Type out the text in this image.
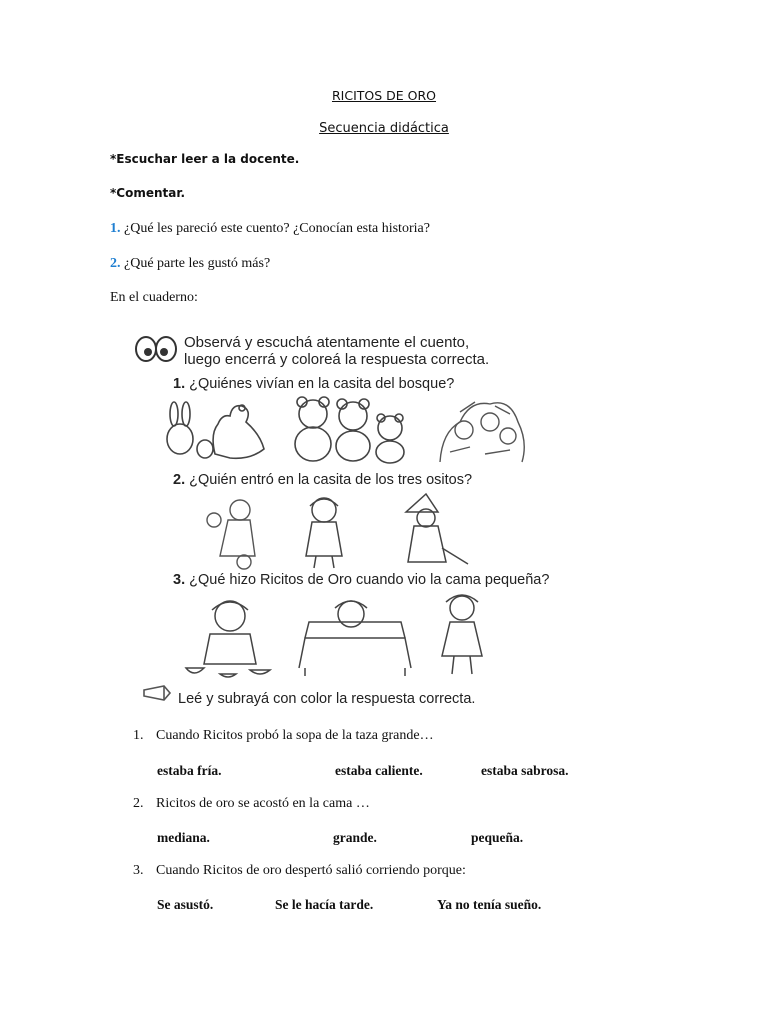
RICITOS DE ORO
Secuencia didáctica
*Escuchar leer a la docente.
*Comentar.
1. ¿Qué les pareció este cuento? ¿Conocían esta historia?
2. ¿Qué parte les gustó más?
En el cuaderno:
Observá y escuchá atentamente el cuento,
luego encerrá y coloreá la respuesta correcta.
1. ¿Quiénes vivían en la casita del bosque?
2. ¿Quién entró en la casita de los tres ositos?
3. ¿Qué hizo Ricitos de Oro cuando vio la cama pequeña?
Leé y subrayá con color la respuesta correcta.
1. Cuando Ricitos probó la sopa de la taza grande…
estaba fría.	estaba caliente.	estaba sabrosa.
2. Ricitos de oro se acostó en la cama …
mediana.	grande.	pequeña.
3. Cuando Ricitos de oro despertó salió corriendo porque:
Se asustó.	Se le hacía tarde.	Ya no tenía sueño.
